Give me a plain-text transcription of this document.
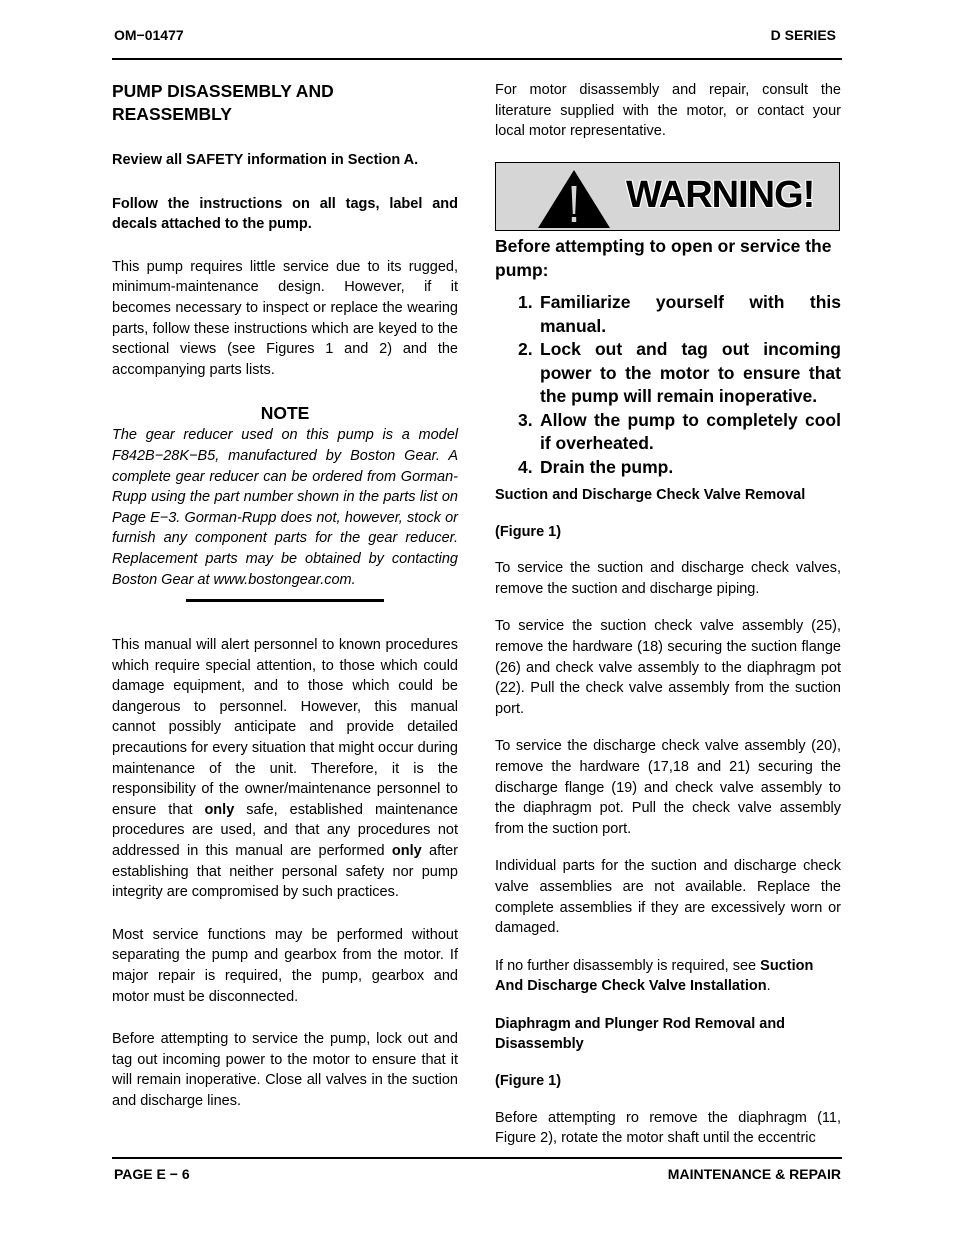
OM−01477	D SERIES
PUMP DISASSEMBLY AND
REASSEMBLY

Review all SAFETY information in Section A.

Follow the instructions on all tags, label and decals attached to the pump.

This pump requires little service due to its rugged, minimum-maintenance design. However, if it becomes necessary to inspect or replace the wearing parts, follow these instructions which are keyed to the sectional views (see Figures 1 and 2) and the accompanying parts lists.

NOTE

The gear reducer used on this pump is a model F842B−28K−B5, manufactured by Boston Gear. A complete gear reducer can be ordered from Gorman-Rupp using the part number shown in the parts list on Page E−3. Gorman-Rupp does not, however, stock or furnish any component parts for the gear reducer. Replacement parts may be obtained by contacting Boston Gear at www.bostongear.com.

This manual will alert personnel to known procedures which require special attention, to those which could damage equipment, and to those which could be dangerous to personnel. However, this manual cannot possibly anticipate and provide detailed precautions for every situation that might occur during maintenance of the unit. Therefore, it is the responsibility of the owner/maintenance personnel to ensure that only safe, established maintenance procedures are used, and that any procedures not addressed in this manual are performed only after establishing that neither personal safety nor pump integrity are compromised by such practices.

Most service functions may be performed without separating the pump and gearbox from the motor. If major repair is required, the pump, gearbox and motor must be disconnected.

Before attempting to service the pump, lock out and tag out incoming power to the motor to ensure that it will remain inoperative. Close all valves in the suction and discharge lines.

For motor disassembly and repair, consult the literature supplied with the motor, or contact your local motor representative.

WARNING!

Before attempting to open or service the pump:

1. Familiarize yourself with this manual.
2. Lock out and tag out incoming power to the motor to ensure that the pump will remain inoperative.
3. Allow the pump to completely cool if overheated.
4. Drain the pump.

Suction and Discharge Check Valve Removal

(Figure 1)

To service the suction and discharge check valves, remove the suction and discharge piping.

To service the suction check valve assembly (25), remove the hardware (18) securing the suction flange (26) and check valve assembly to the diaphragm pot (22). Pull the check valve assembly from the suction port.

To service the discharge check valve assembly (20), remove the hardware (17,18 and 21) securing the discharge flange (19) and check valve assembly to the diaphragm pot. Pull the check valve assembly from the suction port.

Individual parts for the suction and discharge check valve assemblies are not available. Replace the complete assemblies if they are excessively worn or damaged.

If no further disassembly is required, see Suction And Discharge Check Valve Installation.

Diaphragm and Plunger Rod Removal and Disassembly

(Figure 1)

Before attempting ro remove the diaphragm (11, Figure 2), rotate the motor shaft until the eccentric

PAGE E − 6	MAINTENANCE & REPAIR
